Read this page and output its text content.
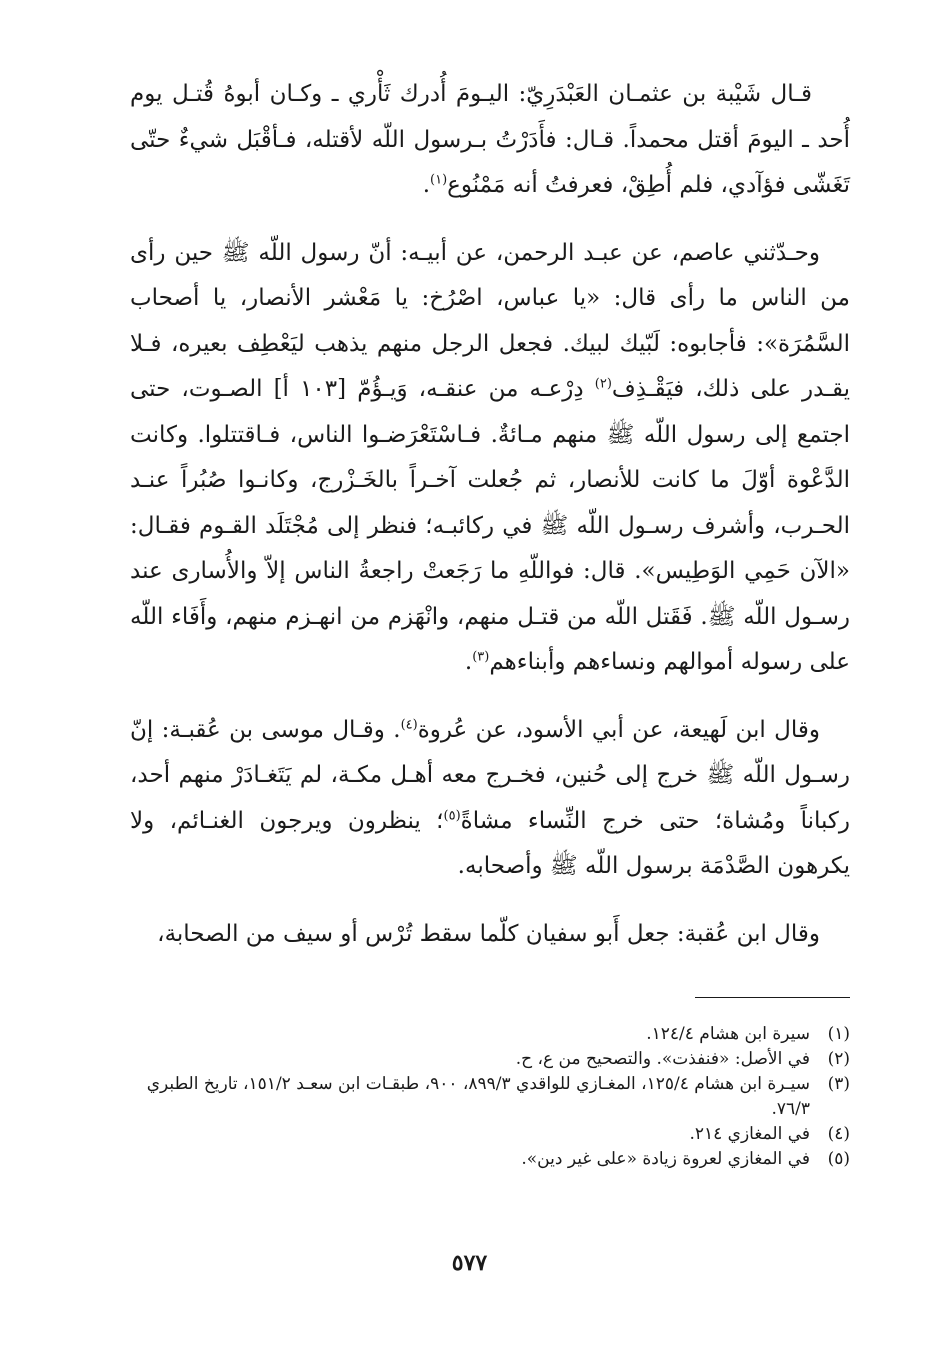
قـال شَيْبة بن عثمـان العَبْدَرِيّ: اليـومَ أُدرك ثَأْري ـ وكـان أبوهُ قُتـل يوم أُحد ـ اليومَ أقتل محمداً. قـال: فأَدَرْتُ بـرسول اللّه لأقتله، فـأقْبَل شيءٌ حتّى تَغَشّى فؤآدي، فلم أُطِقْ، فعرفتُ أنه مَمْنُوع$^{(١)}$.

وحـدّثني عاصم، عن عبـد الرحمن، عن أبيـه: أنّ رسول اللّه ﷺ حين رأى من الناس ما رأى قال: «يا عباس، اصْرُخ: يا مَعْشر الأنصار، يا أصحاب السَّمُرَة»: فأجابوه: لَبّيك لبيك. فجعل الرجل منهم يذهب ليَعْطِف بعيره، فـلا يقـدر على ذلك، فيَقْـذِف$^{(٢)}$ دِرْعـه من عنقـه، وَيـؤُمّ [١٠٣ أ] الصـوت، حتى اجتمع إلى رسول اللّه ﷺ منهم مـائةٌ. فـاسْتَعْرَضـوا الناس، فـاقتتلوا. وكانت الدَّعْوة أوّلَ ما كانت للأنصار، ثم جُعلت آخـراً بالخَـزْرج، وكانـوا صُبُراً عنـد الحـرب، وأشرف رسـول اللّه ﷺ في ركائبـه؛ فنظر إلى مُجْتَلَد القـوم فقـال: «الآن حَمِي الوَطِيس». قال: فواللّهِ ما رَجَعتْ راجعةُ الناس إلاّ والأُسارى عند رسـول اللّه ﷺ. فَقَتل اللّه من قتـل منهم، وانْهَزم من انهـزم منهم، وأَفَاء اللّه على رسوله أموالهم ونساءهم وأبناءهم$^{(٣)}$.

وقال ابن لَهيعة، عن أبي الأسود، عن عُروة$^{(٤)}$. وقـال موسى بن عُقبـة: إنّ رسـول اللّه ﷺ خرج إلى حُنين، فخـرج معه أهـل مكـة، لم يَتَغـادَرْ منهم أحد، ركباناً ومُشاة؛ حتى خرج النِّساء مشاةً$^{(٥)}$؛ ينظرون ويرجون الغنـائم، ولا يكرهون الصَّدْمَة برسول اللّه ﷺ وأصحابه.

وقال ابن عُقبة: جعل أَبو سفيان كلّما سقط تُرْس أو سيف من الصحابة،

(١)
سيرة ابن هشام ١٢٤/٤.
(٢)
في الأصل: «فنفذت». والتصحيح من ع، ح.
(٣)
سيـرة ابن هشام ١٢٥/٤، المغـازي للواقدي ٨٩٩/٣، ٩٠٠، طبقـات ابن سعـد ١٥١/٢، تاريخ الطبري ٧٦/٣.
(٤)
في المغازي ٢١٤.
(٥)
في المغازي لعروة زيادة «على غير دين».
٥٧٧
